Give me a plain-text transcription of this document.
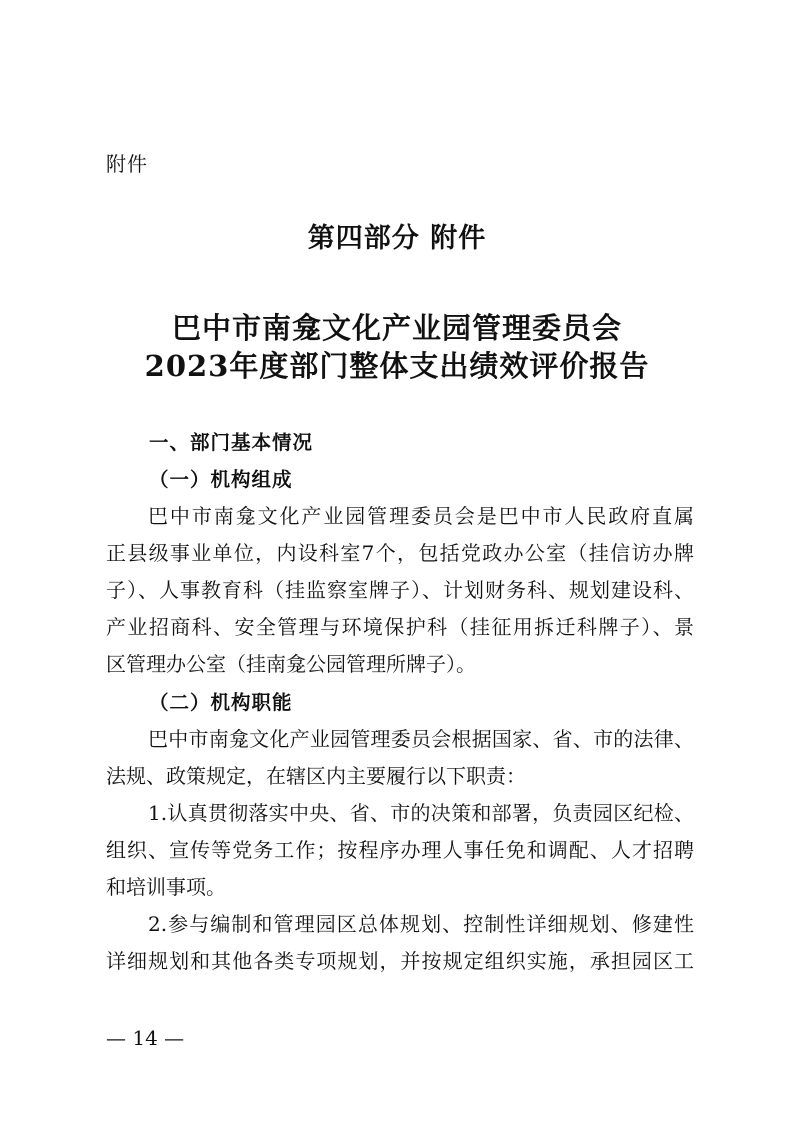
附件
第四部分 附件
巴中市南龛文化产业园管理委员会
2023年度部门整体支出绩效评价报告
一、部门基本情况
（一）机构组成
巴中市南龛文化产业园管理委员会是巴中市人民政府直属
正县级事业单位，内设科室7个，包括党政办公室（挂信访办牌
子）、人事教育科（挂监察室牌子）、计划财务科、规划建设科、
产业招商科、安全管理与环境保护科（挂征用拆迁科牌子）、景
区管理办公室（挂南龛公园管理所牌子）。
（二）机构职能
巴中市南龛文化产业园管理委员会根据国家、省、市的法律、
法规、政策规定，在辖区内主要履行以下职责：
1.认真贯彻落实中央、省、市的决策和部署，负责园区纪检、
组织、宣传等党务工作；按程序办理人事任免和调配、人才招聘
和培训事项。
2.参与编制和管理园区总体规划、控制性详细规划、修建性
详细规划和其他各类专项规划，并按规定组织实施，承担园区工
— 14 —
